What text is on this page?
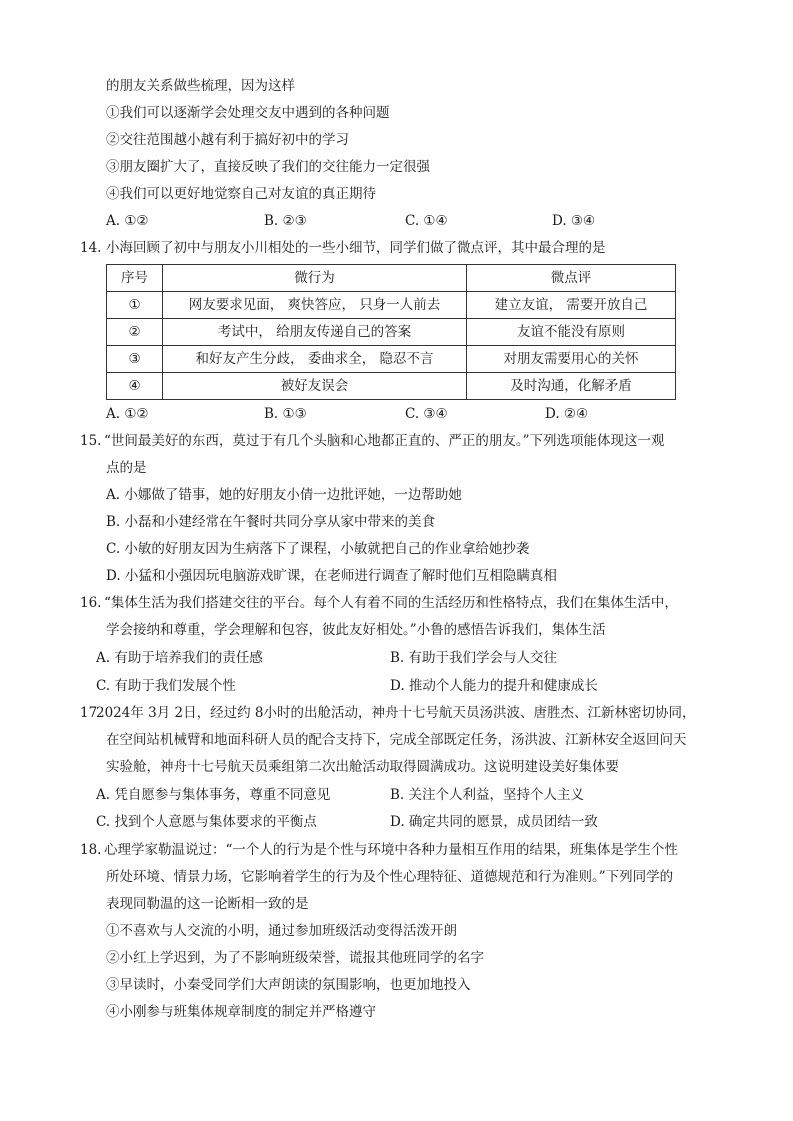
的朋友关系做些梳理，因为这样
①我们可以逐渐学会处理交友中遇到的各种问题
②交往范围越小越有利于搞好初中的学习
③朋友圈扩大了，直接反映了我们的交往能力一定很强
④我们可以更好地觉察自己对友谊的真正期待
A. ①②	B. ②③	C. ①④	D. ③④
14. 小海回顾了初中与朋友小川相处的一些小细节，同学们做了微点评，其中最合理的是
序号	微行为	微点评
①	网友要求见面， 爽快答应， 只身一人前去	建立友谊， 需要开放自己
②	考试中， 给朋友传递自己的答案	友谊不能没有原则
③	和好友产生分歧， 委曲求全， 隐忍不言	对朋友需要用心的关怀
④	被好友误会	及时沟通，化解矛盾
A. ①②	B. ①③	C. ③④	D. ②④
15. “世间最美好的东西，莫过于有几个头脑和心地都正直的、严正的朋友。”下列选项能体现这一观
点的是
A. 小娜做了错事，她的好朋友小倩一边批评她，一边帮助她
B. 小磊和小建经常在午餐时共同分享从家中带来的美食
C. 小敏的好朋友因为生病落下了课程，小敏就把自己的作业拿给她抄袭
D. 小猛和小强因玩电脑游戏旷课，在老师进行调查了解时他们互相隐瞒真相
16. “集体生活为我们搭建交往的平台。每个人有着不同的生活经历和性格特点，我们在集体生活中，
学会接纳和尊重，学会理解和包容，彼此友好相处。”小鲁的感悟告诉我们，集体生活
A. 有助于培养我们的责任感	B. 有助于我们学会与人交往
C. 有助于我们发展个性	D. 推动个人能力的提升和健康成长
17
2024年 3月 2日，经过约 8小时的出舱活动，神舟十七号航天员汤洪波、唐胜杰、江新林密切协同，
在空间站机械臂和地面科研人员的配合支持下，完成全部既定任务，汤洪波、江新林安全返回问天
实验舱，神舟十七号航天员乘组第二次出舱活动取得圆满成功。这说明建设美好集体要
A. 凭自愿参与集体事务，尊重不同意见	B. 关注个人利益，坚持个人主义
C. 找到个人意愿与集体要求的平衡点	D. 确定共同的愿景，成员团结一致
18. 心理学家勒温说过：“一个人的行为是个性与环境中各种力量相互作用的结果，班集体是学生个性
所处环境、情景力场，它影响着学生的行为及个性心理特征、道德规范和行为准则。”下列同学的
表现同勒温的这一论断相一致的是
①不喜欢与人交流的小明，通过参加班级活动变得活泼开朗
②小红上学迟到，为了不影响班级荣誉，谎报其他班同学的名字
③早读时，小秦受同学们大声朗读的氛围影响，也更加地投入
④小刚参与班集体规章制度的制定并严格遵守
